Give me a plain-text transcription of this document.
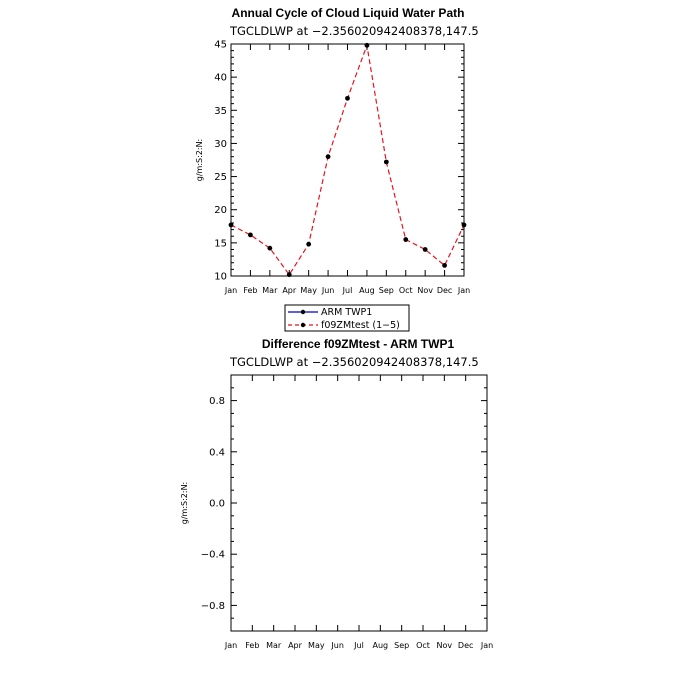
Annual Cycle of Cloud Liquid Water Path
TGCLDLWP at −2.356020942408378,147.5
g/m:S:2:N:
10
15
20
25
30
35
40
45
Jan Feb Mar Apr May Jun Jul Aug Sep Oct Nov Dec Jan
ARM TWP1
f09ZMtest (1−5)
Difference f09ZMtest - ARM TWP1
TGCLDLWP at −2.356020942408378,147.5
g/m:S:2:N:
0.8
0.4
0.0
−0.4
−0.8
Jan Feb Mar Apr May Jun Jul Aug Sep Oct Nov Dec Jan
